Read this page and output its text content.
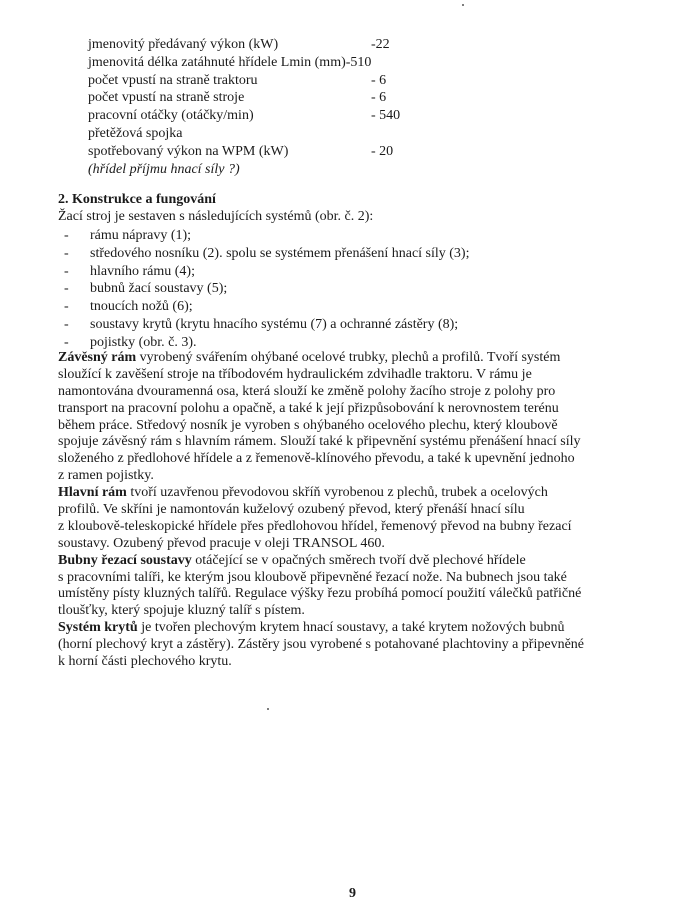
jmenovitý předávaný výkon (kW)	-22
jmenovitá délka zatáhnuté hřídele Lmin (mm)-510
počet vpustí na straně traktoru	- 6
počet vpustí na straně stroje	- 6
pracovní otáčky (otáčky/min)	- 540
přetěžová spojka
spotřebovaný výkon na WPM (kW)	- 20
(hřídel příjmu hnací síly ?)
2. Konstrukce a fungování
Žací stroj je sestaven s následujících systémů (obr. č. 2):
- rámu nápravy (1);
- středového nosníku (2). spolu se systémem přenášení hnací síly (3);
- hlavního rámu (4);
- bubnů žací soustavy (5);
- tnoucích nožů (6);
- soustavy krytů (krytu hnacího systému (7) a ochranné zástěry (8);
- pojistky (obr. č. 3).
Závěsný rám vyrobený svářením ohýbané ocelové trubky, plechů a profilů. Tvoří systém
sloužící k zavěšení stroje na tříbodovém hydraulickém zdvihadle traktoru. V rámu je
namontována dvouramenná osa, která slouží ke změně polohy žacího stroje z polohy pro
transport na pracovní polohu a opačně, a také k její přizpůsobování k nerovnostem terénu
během práce. Středový nosník je vyroben s ohýbaného ocelového plechu, který kloubově
spojuje závěsný rám s hlavním rámem. Slouží také k připevnění systému přenášení hnací síly
složeného z předlohové hřídele a z řemenově-klínového převodu, a také k upevnění jednoho
z ramen pojistky.
Hlavní rám tvoří uzavřenou převodovou skříň vyrobenou z plechů, trubek a ocelových
profilů. Ve skříni je namontován kuželový ozubený převod, který přenáší hnací sílu
z kloubově-teleskopické hřídele přes předlohovou hřídel, řemenový převod na bubny řezací
soustavy. Ozubený převod pracuje v oleji TRANSOL 460.
Bubny řezací soustavy otáčející se v opačných směrech tvoří dvě plechové hřídele
s pracovními talíři, ke kterým jsou kloubově připevněné řezací nože. Na bubnech jsou také
umístěny písty kluzných talířů. Regulace výšky řezu probíhá pomocí použití válečků patřičné
tloušťky, který spojuje kluzný talíř s pístem.
Systém krytů je tvořen plechovým krytem hnací soustavy, a také krytem nožových bubnů
(horní plechový kryt a zástěry). Zástěry jsou vyrobené s potahované plachtoviny a připevněné
k horní části plechového krytu.
9
